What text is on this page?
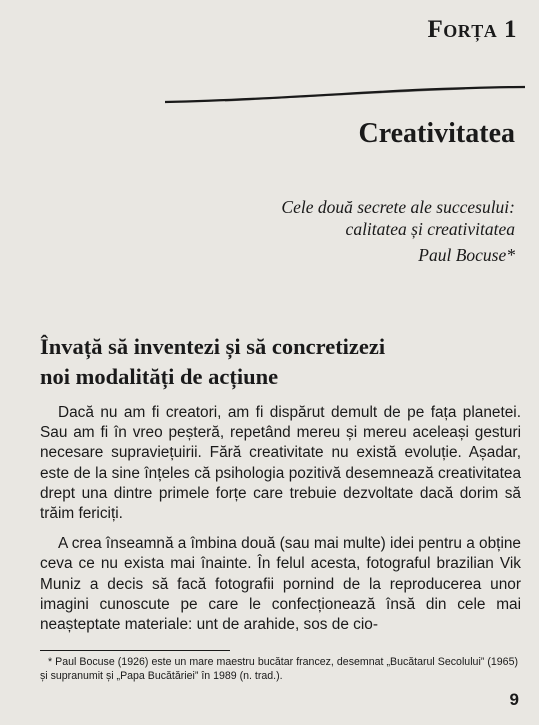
Forța 1
Creativitatea
Cele două secrete ale succesului:
calitatea și creativitatea
Paul Bocuse*
Învață să inventezi și să concretizezi
noi modalități de acțiune

Dacă nu am fi creatori, am fi dispărut demult de pe fața planetei. Sau am fi în vreo peșteră, repetând mereu și mereu aceleași gesturi necesare supraviețuirii. Fără creativitate nu există evoluție. Așadar, este de la sine înțeles că psihologia pozitivă desemnează creativitatea drept una dintre primele forțe care trebuie dezvoltate dacă dorim să trăim fericiți.

A crea înseamnă a îmbina două (sau mai multe) idei pentru a obține ceva ce nu exista mai înainte. În felul acesta, fotograful brazilian Vik Muniz a decis să facă fotografii pornind de la reproducerea unor imagini cunoscute pe care le confecționează însă din cele mai neașteptate materiale: unt de arahide, sos de cio-

* Paul Bocuse (1926) este un mare maestru bucătar francez, desemnat „Bucătarul Secolului” (1965) și supranumit și „Papa Bucătăriei” în 1989 (n. trad.).
9
